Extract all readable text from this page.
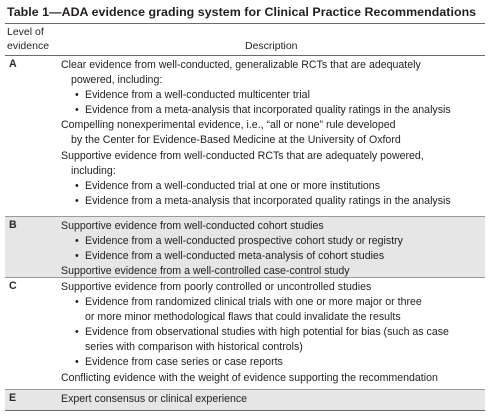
Table 1—ADA evidence grading system for Clinical Practice Recommendations
Level of
evidence	Description
A	Clear evidence from well-conducted, generalizable RCTs that are adequately
powered, including:
• Evidence from a well-conducted multicenter trial
• Evidence from a meta-analysis that incorporated quality ratings in the analysis
Compelling nonexperimental evidence, i.e., “all or none” rule developed
by the Center for Evidence-Based Medicine at the University of Oxford
Supportive evidence from well-conducted RCTs that are adequately powered,
including:
• Evidence from a well-conducted trial at one or more institutions
• Evidence from a meta-analysis that incorporated quality ratings in the analysis
B	Supportive evidence from well-conducted cohort studies
• Evidence from a well-conducted prospective cohort study or registry
• Evidence from a well-conducted meta-analysis of cohort studies
Supportive evidence from a well-controlled case-control study
C	Supportive evidence from poorly controlled or uncontrolled studies
• Evidence from randomized clinical trials with one or more major or three
or more minor methodological flaws that could invalidate the results
• Evidence from observational studies with high potential for bias (such as case
series with comparison with historical controls)
• Evidence from case series or case reports
Conflicting evidence with the weight of evidence supporting the recommendation
E	Expert consensus or clinical experience
